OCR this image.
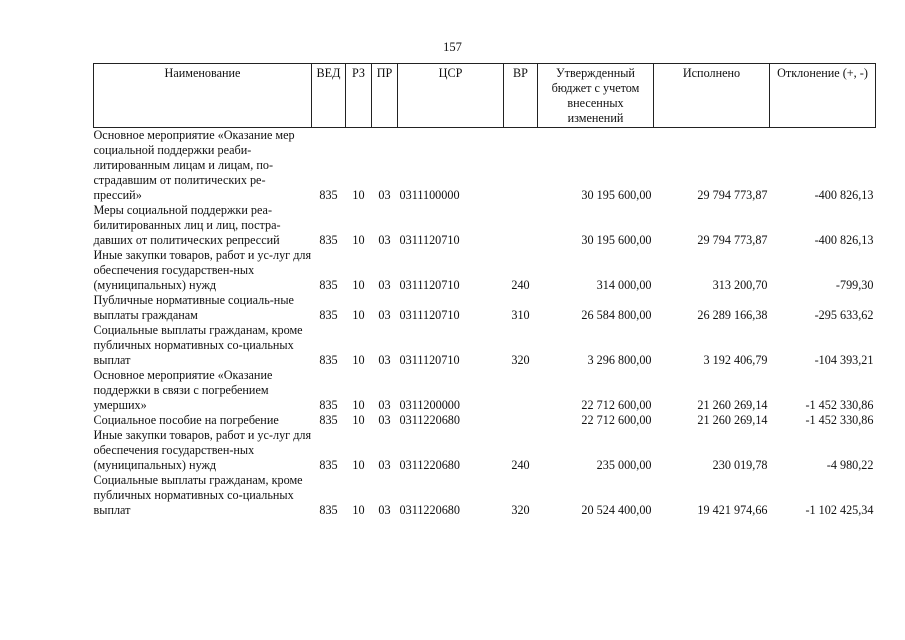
157
Наименование	ВЕД	РЗ	ПР	ЦСР	ВР	Утвержденный бюджет с учетом внесенных изменений	Исполнено	Отклонение (+, -)
Основное мероприятие «Оказание мер социальной поддержки реаби-литированным лицам и лицам, по-страдавшим от политических ре-прессий»	835	10	03	0311100000		30 195 600,00	29 794 773,87	-400 826,13
Меры социальной поддержки реа-билитированных лиц и лиц, постра-давших от политических репрессий	835	10	03	0311120710		30 195 600,00	29 794 773,87	-400 826,13
Иные закупки товаров, работ и ус-луг для обеспечения государствен-ных (муниципальных) нужд	835	10	03	0311120710	240	314 000,00	313 200,70	-799,30
Публичные нормативные социаль-ные выплаты гражданам	835	10	03	0311120710	310	26 584 800,00	26 289 166,38	-295 633,62
Социальные выплаты гражданам, кроме публичных нормативных со-циальных выплат	835	10	03	0311120710	320	3 296 800,00	3 192 406,79	-104 393,21
Основное мероприятие «Оказание поддержки в связи с погребением умерших»	835	10	03	0311200000		22 712 600,00	21 260 269,14	-1 452 330,86
Социальное пособие на погребение	835	10	03	0311220680		22 712 600,00	21 260 269,14	-1 452 330,86
Иные закупки товаров, работ и ус-луг для обеспечения государствен-ных (муниципальных) нужд	835	10	03	0311220680	240	235 000,00	230 019,78	-4 980,22
Социальные выплаты гражданам, кроме публичных нормативных со-циальных выплат	835	10	03	0311220680	320	20 524 400,00	19 421 974,66	-1 102 425,34
